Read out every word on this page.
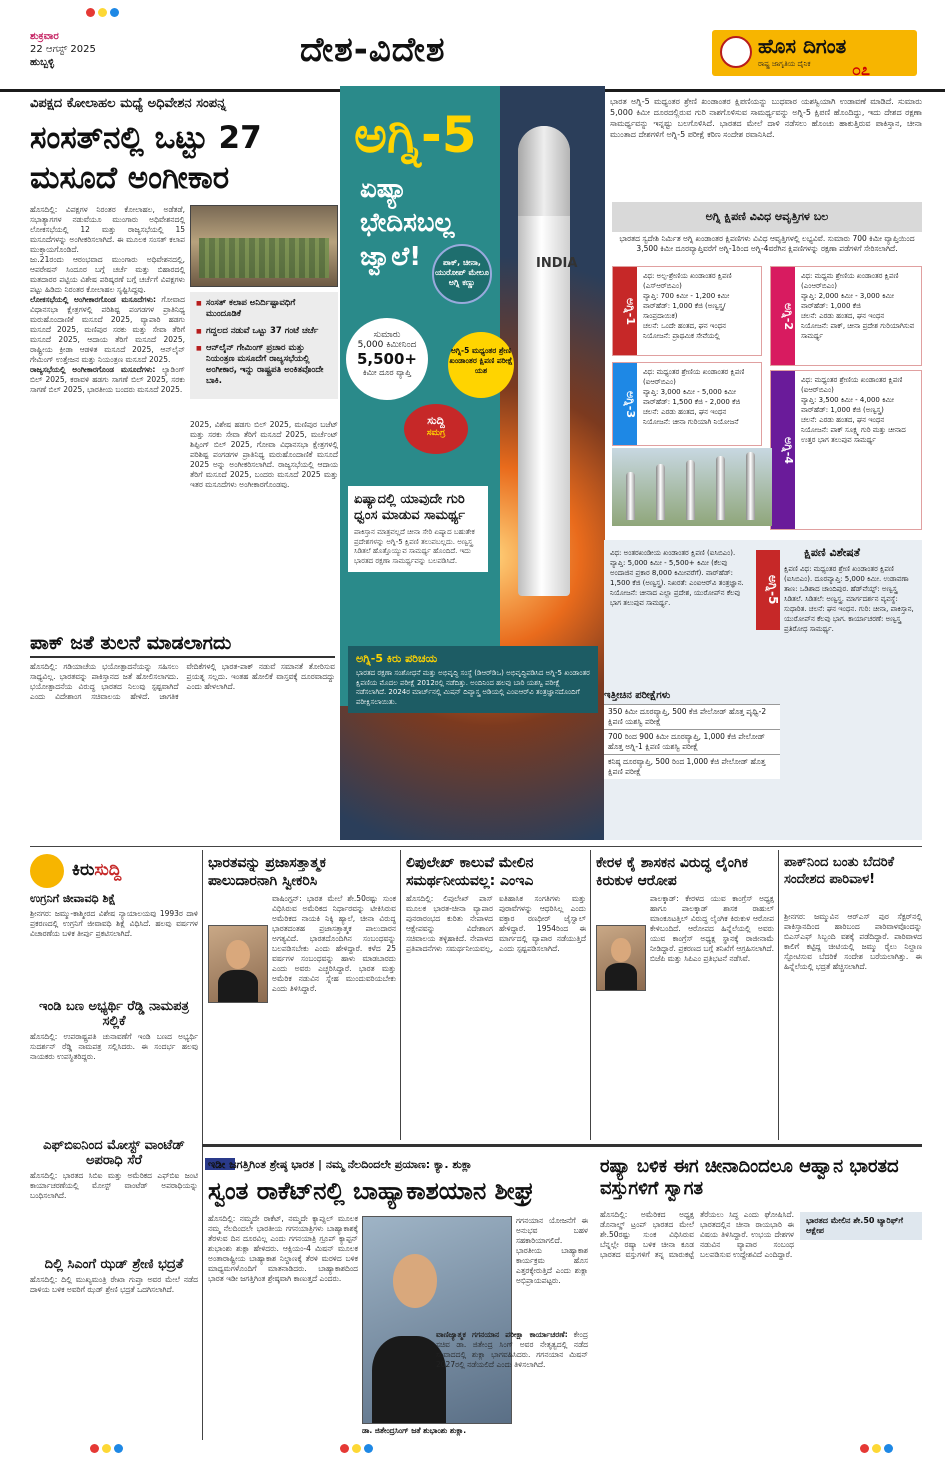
ಶುಕ್ರವಾರ
22 ಆಗಸ್ಟ್ 2025
ಹುಬ್ಬಳ್ಳಿ	ದೇಶ-ವಿದೇಶ	ಹೊಸ ದಿಗಂತ
ರಾಷ್ಟ್ರ ಜಾಗೃತಿಯ ದೈನಿಕ	೦೭
ವಿಪಕ್ಷದ ಕೋಲಾಹಲ ಮಧ್ಯೆ ಅಧಿವೇಶನ ಸಂಪನ್ನ
ಸಂಸತ್‌ನಲ್ಲಿ ಒಟ್ಟು 27 ಮಸೂದೆ ಅಂಗೀಕಾರ
ಹೊಸದಿಲ್ಲಿ: ವಿಪಕ್ಷಗಳ ನಿರಂತರ ಕೋಲಾಹಲ, ಅಡೆತಡೆ, ಸಭಾತ್ಯಾಗಗಳ ನಡುವೆಯೂ ಮುಂಗಾರು ಅಧಿವೇಶನದಲ್ಲಿ ಲೋಕಸಭೆಯಲ್ಲಿ 12 ಮತ್ತು ರಾಜ್ಯಸಭೆಯಲ್ಲಿ 15 ಮಸೂದೆಗಳನ್ನು ಅಂಗೀಕರಿಸಲಾಗಿದೆ. ಈ ಮೂಲಕ ಸಂಸತ್ ಕಲಾಪ ಮುಕ್ತಾಯಗೊಂಡಿದೆ.
ಜು.21ರಂದು ಆರಂಭವಾದ ಮುಂಗಾರು ಅಧಿವೇಶನದಲ್ಲಿ, ಆಪರೇಷನ್ ಸಿಂದೂರ ಬಗ್ಗೆ ಚರ್ಚೆ ಮತ್ತು ಬಿಹಾರದಲ್ಲಿ ಮತದಾರರ ಪಟ್ಟಿಯ ವಿಶೇಷ ಪರಿಷ್ಕರಣೆ ಬಗ್ಗೆ ಚರ್ಚೆಗೆ ವಿಪಕ್ಷಗಳು ಪಟ್ಟು ಹಿಡಿದು ನಿರಂತರ ಕೋಲಾಹಲ ಸೃಷ್ಟಿಸಿದ್ದವು.
ಲೋಕಸಭೆಯಲ್ಲಿ ಅಂಗೀಕಾರಗೊಂಡ ಮಸೂದೆಗಳು: ಗೋವಾದ ವಿಧಾನಸಭಾ ಕ್ಷೇತ್ರಗಳಲ್ಲಿ ಪರಿಶಿಷ್ಟ ಪಂಗಡಗಳ ಪ್ರಾತಿನಿಧ್ಯ ಮರುಹೊಂದಾಣಿಕೆ ಮಸೂದೆ 2025, ವ್ಯಾಪಾರಿ ಹಡಗು ಮಸೂದೆ 2025, ಮಣಿಪುರ ಸರಕು ಮತ್ತು ಸೇವಾ ತೆರಿಗೆ ಮಸೂದೆ 2025, ಆದಾಯ ತೆರಿಗೆ ಮಸೂದೆ 2025, ರಾಷ್ಟ್ರೀಯ ಕ್ರೀಡಾ ಆಡಳಿತ ಮಸೂದೆ 2025, ಆನ್‌ಲೈನ್ ಗೇಮಿಂಗ್ ಉತ್ತೇಜನ ಮತ್ತು ನಿಯಂತ್ರಣ ಮಸೂದೆ 2025.
ರಾಜ್ಯಸಭೆಯಲ್ಲಿ ಅಂಗೀಕಾರಗೊಂಡ ಮಸೂದೆಗಳು: ಲ್ಯಾಡಿಂಗ್ ಬಿಲ್ 2025, ಕರಾವಳಿ ಹಡಗು ಸಾಗಣೆ ಬಿಲ್ 2025, ಸರಕು ಸಾಗಣೆ ಬಿಲ್ 2025, ಭಾರತೀಯ ಬಂದರು ಮಸೂದೆ 2025.
■ ಸಂಸತ್ ಕಲಾಪ ಅನಿರ್ದಿಷ್ಟಾವಧಿಗೆ ಮುಂದೂಡಿಕೆ
■ ಗದ್ದಲದ ನಡುವೆ ಒಟ್ಟು 37 ಗಂಟೆ ಚರ್ಚೆ
■ ಆನ್‌ಲೈನ್ ಗೇಮಿಂಗ್ ಪ್ರಚಾರ ಮತ್ತು ನಿಯಂತ್ರಣ ಮಸೂದೆಗೆ ರಾಜ್ಯಸಭೆಯಲ್ಲಿ ಅಂಗೀಕಾರ, ಇನ್ನು ರಾಷ್ಟ್ರಪತಿ ಅಂಕಿತವೊಂದೇ ಬಾಕಿ.
2025, ವಿಶೇಷ ಹಡಗು ಬಿಲ್ 2025, ಮಣಿಪುರ ಬಜೆಟ್ ಮತ್ತು ಸರಕು ಸೇವಾ ತೆರಿಗೆ ಮಸೂದೆ 2025, ಮರ್ಚೆಂಟ್ ಶಿಪ್ಪಿಂಗ್ ಬಿಲ್ 2025, ಗೋವಾ ವಿಧಾನಸಭಾ ಕ್ಷೇತ್ರಗಳಲ್ಲಿ ಪರಿಶಿಷ್ಟ ಪಂಗಡಗಳ ಪ್ರಾತಿನಿಧ್ಯ ಮರುಹೊಂದಾಣಿಕೆ ಮಸೂದೆ 2025 ಅನ್ನು ಅಂಗೀಕರಿಸಲಾಗಿದೆ. ರಾಜ್ಯಸಭೆಯಲ್ಲಿ ಆದಾಯ ತೆರಿಗೆ ಮಸೂದೆ 2025, ಬಂದರು ಮಸೂದೆ 2025 ಮತ್ತು ಇತರ ಮಸೂದೆಗಳು ಅಂಗೀಕಾರಗೊಂಡವು.
ಪಾಕ್ ಜತೆ ತುಲನೆ ಮಾಡಲಾಗದು
ಹೊಸದಿಲ್ಲಿ: ಗಡಿಯಾಚೆಯ ಭಯೋತ್ಪಾದನೆಯನ್ನು ಸಹಿಸಲು ಸಾಧ್ಯವಿಲ್ಲ. ಭಾರತವನ್ನು ಪಾಕಿಸ್ತಾನದ ಜತೆ ಹೋಲಿಸಲಾಗದು. ಭಯೋತ್ಪಾದನೆಯ ವಿರುದ್ಧ ಭಾರತದ ನಿಲುವು ಸ್ಪಷ್ಟವಾಗಿದೆ ಎಂದು ವಿದೇಶಾಂಗ ಸಚಿವಾಲಯ ಹೇಳಿದೆ. ಜಾಗತಿಕ ವೇದಿಕೆಗಳಲ್ಲಿ ಭಾರತ-ಪಾಕ್ ನಡುವೆ ಸಮಾನತೆ ತೋರಿಸುವ ಪ್ರಯತ್ನ ಸಲ್ಲದು. ಇಂತಹ ಹೋಲಿಕೆ ವಾಸ್ತವಕ್ಕೆ ದೂರವಾದದ್ದು ಎಂದು ಹೇಳಲಾಗಿದೆ.
INDIA
ಅಗ್ನಿ-5
ಏಷ್ಯಾ ಭೇದಿಸಬಲ್ಲ ಜ್ವಾಲೆ!	ಪಾಕ್, ಚೀನಾ, ಯುರೋಪ್ ಮೇಲೂ ಅಗ್ನಿ ಕಣ್ಣು
ಸುಮಾರು
5,000 ಕಿಮೀನಿಂದ
5,500+
ಕಿಮೀ ದೂರ ವ್ಯಾಪ್ತಿ
ಅಗ್ನಿ-5 ಮಧ್ಯಂತರ ಶ್ರೇಣಿ ಖಂಡಾಂತರ ಕ್ಷಿಪಣಿ ಪರೀಕ್ಷೆ ಯಶ
ಸುದ್ದಿ
ಸಮಗ್ರ
ಏಷ್ಯಾದಲ್ಲಿ ಯಾವುದೇ ಗುರಿ ಧ್ವಂಸ ಮಾಡುವ ಸಾಮರ್ಥ್ಯ
ಪಾಕಿಸ್ತಾನ ಮಾತ್ರವಲ್ಲದೆ ಚೀನಾ ಸೇರಿ ಏಷ್ಯಾದ ಬಹುತೇಕ ಪ್ರದೇಶಗಳನ್ನು ಅಗ್ನಿ-5 ಕ್ಷಿಪಣಿ ತಲುಪಬಲ್ಲದು. ಅಣ್ವಸ್ತ್ರ ಸಿಡಿತಲೆ ಹೊತ್ತೊಯ್ಯುವ ಸಾಮರ್ಥ್ಯ ಹೊಂದಿದೆ. ಇದು ಭಾರತದ ರಕ್ಷಣಾ ಸಾಮರ್ಥ್ಯವನ್ನು ಬಲಪಡಿಸಿದೆ.
ಅಗ್ನಿ-5 ಕಿರು ಪರಿಚಯ
ಭಾರತದ ರಕ್ಷಣಾ ಸಂಶೋಧನೆ ಮತ್ತು ಅಭಿವೃದ್ಧಿ ಸಂಸ್ಥೆ (ಡಿಆರ್‌ಡಿಒ) ಅಭಿವೃದ್ಧಿಪಡಿಸಿದ ಅಗ್ನಿ-5 ಖಂಡಾಂತರ ಕ್ಷಿಪಣಿಯ ಮೊದಲ ಪರೀಕ್ಷೆ 2012ರಲ್ಲಿ ನಡೆದಿತ್ತು. ಅಂದಿನಿಂದ ಹಲವು ಬಾರಿ ಯಶಸ್ವಿ ಪರೀಕ್ಷೆ ನಡೆಸಲಾಗಿದೆ. 2024ರ ಮಾರ್ಚ್‌ನಲ್ಲಿ ಮಿಷನ್ ದಿವ್ಯಾಸ್ತ್ರ ಅಡಿಯಲ್ಲಿ ಎಂಐಆರ್‌ವಿ ತಂತ್ರಜ್ಞಾನದೊಂದಿಗೆ ಪರೀಕ್ಷಿಸಲಾಯಿತು.
ಭಾರತ ಅಗ್ನಿ-5 ಮಧ್ಯಂತರ ಶ್ರೇಣಿ ಖಂಡಾಂತರ ಕ್ಷಿಪಣಿಯನ್ನು ಬುಧವಾರ ಯಶಸ್ವಿಯಾಗಿ ಉಡಾವಣೆ ಮಾಡಿದೆ. ಸುಮಾರು 5,000 ಕಿಮೀ ದೂರದಲ್ಲಿರುವ ಗುರಿ ನಾಶಗೊಳಿಸುವ ಸಾಮರ್ಥ್ಯವನ್ನು ಅಗ್ನಿ-5 ಕ್ಷಿಪಣಿ ಹೊಂದಿದ್ದು, ಇದು ದೇಶದ ರಕ್ಷಣಾ ಸಾಮರ್ಥ್ಯವನ್ನು ಇನ್ನಷ್ಟು ಬಲಗೊಳಿಸಿದೆ. ಭಾರತದ ಮೇಲೆ ದಾಳಿ ನಡೆಸಲು ಹೊಂಚು ಹಾಕುತ್ತಿರುವ ಪಾಕಿಸ್ತಾನ, ಚೀನಾ ಮುಂತಾದ ದೇಶಗಳಿಗೆ ಅಗ್ನಿ-5 ಪರೀಕ್ಷೆ ಕಠಿಣ ಸಂದೇಶ ರವಾನಿಸಿದೆ.
ಅಗ್ನಿ ಕ್ಷಿಪಣಿ ವಿವಿಧ ಆವೃತ್ತಿಗಳ ಬಲ
ಭಾರತದ ಸ್ವದೇಶಿ ನಿರ್ಮಿತ ಅಗ್ನಿ ಖಂಡಾಂತರ ಕ್ಷಿಪಣಿಗಳು ವಿವಿಧ ಆವೃತ್ತಿಗಳಲ್ಲಿ ಲಭ್ಯವಿವೆ. ಸುಮಾರು 700 ಕಿಮೀ ವ್ಯಾಪ್ತಿಯಿಂದ 3,500 ಕಿಮೀ ದೂರವ್ಯಾಪ್ತಿವರೆಗೆ ಅಗ್ನಿ-1ರಿಂದ ಅಗ್ನಿ-4ವರೆಗಿನ ಕ್ಷಿಪಣಿಗಳನ್ನು ರಕ್ಷಣಾ ಪಡೆಗಳಿಗೆ ಸೇರಿಸಲಾಗಿದೆ.
ಅಗ್ನಿ-1
ವಿಧ: ಅಲ್ಪ-ಶ್ರೇಣಿಯ ಖಂಡಾಂತರ ಕ್ಷಿಪಣಿ (ಎಸ್‌ಆರ್‌ಬಿಎಂ)
ವ್ಯಾಪ್ತಿ: 700 ಕಿಮೀ - 1,200 ಕಿಮೀ
ವಾರ್‌ಹೆಡ್: 1,000 ಕೆಜಿ (ಅಣ್ವಸ್ತ್ರ/ಸಾಂಪ್ರದಾಯಿಕ)
ಚಲನೆ: ಒಂದೇ ಹಂತದ, ಘನ ಇಂಧನ
ನಿಯೋಜನೆ: ಪ್ರಾಥಮಿಕ ಸೇವೆಯಲ್ಲಿ
ಅಗ್ನಿ-2
ವಿಧ: ಮಧ್ಯಮ ಶ್ರೇಣಿಯ ಖಂಡಾಂತರ ಕ್ಷಿಪಣಿ (ಎಂಆರ್‌ಬಿಎಂ)
ವ್ಯಾಪ್ತಿ: 2,000 ಕಿಮೀ - 3,000 ಕಿಮೀ
ವಾರ್‌ಹೆಡ್: 1,000 ಕೆಜಿ
ಚಲನೆ: ಎರಡು ಹಂತದ, ಘನ ಇಂಧನ
ನಿಯೋಜನೆ: ಪಾಕ್, ಚೀನಾ ಪ್ರದೇಶ ಗುರಿಯಾಗಿಸುವ ಸಾಮರ್ಥ್ಯ
ಅಗ್ನಿ-3
ವಿಧ: ಮಧ್ಯಂತರ ಶ್ರೇಣಿಯ ಖಂಡಾಂತರ ಕ್ಷಿಪಣಿ (ಐಆರ್‌ಬಿಎಂ)
ವ್ಯಾಪ್ತಿ: 3,000 ಕಿಮೀ - 5,000 ಕಿಮೀ
ವಾರ್‌ಹೆಡ್: 1,500 ಕೆಜಿ - 2,000 ಕೆಜಿ
ಚಲನೆ: ಎರಡು ಹಂತದ, ಘನ ಇಂಧನ
ನಿಯೋಜನೆ: ಚೀನಾ ಗುರಿಯಾಗಿ ನಿಯೋಜನೆ
ಅಗ್ನಿ-4
ವಿಧ: ಮಧ್ಯಂತರ ಶ್ರೇಣಿಯ ಖಂಡಾಂತರ ಕ್ಷಿಪಣಿ (ಐಆರ್‌ಬಿಎಂ)
ವ್ಯಾಪ್ತಿ: 3,500 ಕಿಮೀ - 4,000 ಕಿಮೀ
ವಾರ್‌ಹೆಡ್: 1,000 ಕೆಜಿ (ಅಣ್ವಸ್ತ್ರ)
ಚಲನೆ: ಎರಡು ಹಂತದ, ಘನ ಇಂಧನ
ನಿಯೋಜನೆ: ಪಾಕ್ ಸೂಕ್ಷ್ಮ ಗುರಿ ಮತ್ತು ಚೀನಾದ ಉತ್ತರ ಭಾಗ ತಲುಪುವ ಸಾಮರ್ಥ್ಯ
ವಿಧ: ಅಂತರಖಂಡೀಯ ಖಂಡಾಂತರ ಕ್ಷಿಪಣಿ (ಐಸಿಬಿಎಂ). ವ್ಯಾಪ್ತಿ: 5,000 ಕಿಮೀ - 5,500+ ಕಿಮೀ (ಕೆಲವು ಅಂದಾಜಿನ ಪ್ರಕಾರ 8,000 ಕಿಮೀವರೆಗೆ). ವಾರ್‌ಹೆಡ್: 1,500 ಕೆಜಿ (ಅಣ್ವಸ್ತ್ರ). ನಿಖರತೆ: ಎಂಐಆರ್‌ವಿ ತಂತ್ರಜ್ಞಾನ. ನಿಯೋಜನೆ: ಚೀನಾದ ಎಲ್ಲಾ ಪ್ರದೇಶ, ಯುರೋಪ್‌ನ ಕೆಲವು ಭಾಗ ತಲುಪುವ ಸಾಮರ್ಥ್ಯ.	ಅಗ್ನಿ-5
ಕ್ಷಿಪಣಿ ವಿಶೇಷತೆ
ಕ್ಷಿಪಣಿ ವಿಧ: ಮಧ್ಯಂತರ ಶ್ರೇಣಿ ಖಂಡಾಂತರ ಕ್ಷಿಪಣಿ (ಐಸಿಬಿಎಂ). ದೂರವ್ಯಾಪ್ತಿ: 5,000 ಕಿಮೀ. ಉಡಾವಣಾ ತಾಣ: ಒಡಿಶಾದ ಚಾಂದಿಪುರ. ಹೆಡ್‌ವೆಯ್ಟ್: ಅಣ್ವಸ್ತ್ರ ಸಿಡಿತಲೆ. ಸಿಡಿತಲೆ: ಅಣ್ವಸ್ತ್ರ. ಮಾರ್ಗದರ್ಶನ ವ್ಯವಸ್ಥೆ: ಸುಧಾರಿತ. ಚಲನೆ: ಘನ ಇಂಧನ. ಗುರಿ: ಚೀನಾ, ಪಾಕಿಸ್ತಾನ, ಯುರೋಪ್‌ನ ಕೆಲವು ಭಾಗ. ಕಾರ್ಯಾಚರಣೆ: ಅಣ್ವಸ್ತ್ರ ಪ್ರತಿರೋಧ ಸಾಮರ್ಥ್ಯ.
ಇತ್ತೀಚಿನ ಪರೀಕ್ಷೆಗಳು
350 ಕಿಮೀ ದೂರವ್ಯಾಪ್ತಿ, 500 ಕೆಜಿ ಪೇಲೋಡ್ ಹೊತ್ತ ಪೃಥ್ವಿ-2 ಕ್ಷಿಪಣಿ ಯಶಸ್ವಿ ಪರೀಕ್ಷೆ
700 ರಿಂದ 900 ಕಿಮೀ ದೂರವ್ಯಾಪ್ತಿ, 1,000 ಕೆಜಿ ಪೇಲೋಡ್ ಹೊತ್ತ ಅಗ್ನಿ-1 ಕ್ಷಿಪಣಿ ಯಶಸ್ವಿ ಪರೀಕ್ಷೆ
ಕನಿಷ್ಠ ದೂರವ್ಯಾಪ್ತಿ, 500 ರಿಂದ 1,000 ಕೆಜಿ ಪೇಲೋಡ್ ಹೊತ್ತ ಕ್ಷಿಪಣಿ ಪರೀಕ್ಷೆ
ಕಿರುಸುದ್ದಿ
ಉಗ್ರನಿಗೆ ಜೀವಾವಧಿ ಶಿಕ್ಷೆ
ಶ್ರೀನಗರ: ಜಮ್ಮು-ಕಾಶ್ಮೀರದ ವಿಶೇಷ ನ್ಯಾಯಾಲಯವು 1993ರ ದಾಳಿ ಪ್ರಕರಣದಲ್ಲಿ ಉಗ್ರನಿಗೆ ಜೀವಾವಧಿ ಶಿಕ್ಷೆ ವಿಧಿಸಿದೆ. ಹಲವು ವರ್ಷಗಳ ವಿಚಾರಣೆಯ ಬಳಿಕ ತೀರ್ಪು ಪ್ರಕಟಿಸಲಾಗಿದೆ.
ಇಂಡಿ ಬಣ ಅಭ್ಯರ್ಥಿ ರೆಡ್ಡಿ ನಾಮಪತ್ರ ಸಲ್ಲಿಕೆ
ಹೊಸದಿಲ್ಲಿ: ಉಪರಾಷ್ಟ್ರಪತಿ ಚುನಾವಣೆಗೆ ಇಂಡಿ ಬಣದ ಅಭ್ಯರ್ಥಿ ಸುದರ್ಶನ್ ರೆಡ್ಡಿ ನಾಮಪತ್ರ ಸಲ್ಲಿಸಿದರು. ಈ ಸಂದರ್ಭ ಹಲವು ನಾಯಕರು ಉಪಸ್ಥಿತರಿದ್ದರು.
ಎಫ್‌ಬಿಐನಿಂದ ಮೋಸ್ಟ್ ವಾಂಟೆಡ್ ಅಪರಾಧಿ ಸೆರೆ
ಹೊಸದಿಲ್ಲಿ: ಭಾರತದ ಸಿಬಿಐ ಮತ್ತು ಅಮೆರಿಕದ ಎಫ್‌ಬಿಐ ಜಂಟಿ ಕಾರ್ಯಾಚರಣೆಯಲ್ಲಿ ಮೋಸ್ಟ್ ವಾಂಟೆಡ್ ಅಪರಾಧಿಯನ್ನು ಬಂಧಿಸಲಾಗಿದೆ.
ದಿಲ್ಲಿ ಸಿಎಂಗೆ ಝಡ್ ಶ್ರೇಣಿ ಭದ್ರತೆ
ಹೊಸದಿಲ್ಲಿ: ದಿಲ್ಲಿ ಮುಖ್ಯಮಂತ್ರಿ ರೇಖಾ ಗುಪ್ತಾ ಅವರ ಮೇಲೆ ನಡೆದ ದಾಳಿಯ ಬಳಿಕ ಅವರಿಗೆ ಝಡ್ ಶ್ರೇಣಿ ಭದ್ರತೆ ಒದಗಿಸಲಾಗಿದೆ.
ಭಾರತವನ್ನು ಪ್ರಜಾಸತ್ತಾತ್ಮಕ ಪಾಲುದಾರನಾಗಿ ಸ್ವೀಕರಿಸಿ
ವಾಷಿಂಗ್ಟನ್: ಭಾರತ ಮೇಲೆ ಶೇ.50ರಷ್ಟು ಸುಂಕ ವಿಧಿಸಿರುವ ಅಮೆರಿಕದ ನಿರ್ಧಾರವನ್ನು ಟೀಕಿಸಿರುವ ಅಮೆರಿಕದ ನಾಯಕಿ ನಿಕ್ಕಿ ಹ್ಯಾಲೆ, ಚೀನಾ ವಿರುದ್ಧ ಭಾರತದಂತಹ ಪ್ರಜಾಸತ್ತಾತ್ಮಕ ಪಾಲುದಾರನ ಅಗತ್ಯವಿದೆ. ಭಾರತದೊಂದಿಗಿನ ಸಂಬಂಧವನ್ನು ಬಲಪಡಿಸಬೇಕು ಎಂದು ಹೇಳಿದ್ದಾರೆ. ಕಳೆದ 25 ವರ್ಷಗಳ ಸಂಬಂಧವನ್ನು ಹಾಳು ಮಾಡಬಾರದು ಎಂದು ಅವರು ಎಚ್ಚರಿಸಿದ್ದಾರೆ. ಭಾರತ ಮತ್ತು ಅಮೆರಿಕ ನಡುವಿನ ಸ್ನೇಹ ಮುಂದುವರಿಯಬೇಕು ಎಂದು ತಿಳಿಸಿದ್ದಾರೆ.
ಲಿಪುಲೇಖ್ ಕಾಲುವೆ ಮೇಲಿನ ಸಮರ್ಥನೀಯವಲ್ಲ: ಎಂಇಎ
ಹೊಸದಿಲ್ಲಿ: ಲಿಪುಲೇಖ್ ಪಾಸ್ ಮೂಲಕ ಭಾರತ-ಚೀನಾ ವ್ಯಾಪಾರ ಪುನರಾರಂಭದ ಕುರಿತು ನೇಪಾಳದ ಆಕ್ಷೇಪವನ್ನು ವಿದೇಶಾಂಗ ಸಚಿವಾಲಯ ತಳ್ಳಿಹಾಕಿದೆ. ನೇಪಾಳದ ಪ್ರತಿಪಾದನೆಗಳು ಸಮರ್ಥನೀಯವಲ್ಲ, ಐತಿಹಾಸಿಕ ಸಂಗತಿಗಳು ಮತ್ತು ಪುರಾವೆಗಳನ್ನು ಆಧರಿಸಿಲ್ಲ ಎಂದು ವಕ್ತಾರ ರಣಧೀರ್ ಜೈಸ್ವಾಲ್ ಹೇಳಿದ್ದಾರೆ. 1954ರಿಂದ ಈ ಮಾರ್ಗದಲ್ಲಿ ವ್ಯಾಪಾರ ನಡೆಯುತ್ತಿದೆ ಎಂದು ಸ್ಪಷ್ಟಪಡಿಸಲಾಗಿದೆ.
ಕೇರಳ ಕೈ ಶಾಸಕನ ವಿರುದ್ಧ ಲೈಂಗಿಕ ಕಿರುಕುಳ ಆರೋಪ
ಪಾಲಕ್ಕಾಡ್: ಕೇರಳದ ಯುವ ಕಾಂಗ್ರೆಸ್ ಅಧ್ಯಕ್ಷ ಹಾಗೂ ಪಾಲಕ್ಕಾಡ್ ಶಾಸಕ ರಾಹುಲ್ ಮಾಂಕೂಟತ್ತಿಲ್ ವಿರುದ್ಧ ಲೈಂಗಿಕ ಕಿರುಕುಳ ಆರೋಪ ಕೇಳಿಬಂದಿದೆ. ಆರೋಪದ ಹಿನ್ನೆಲೆಯಲ್ಲಿ ಅವರು ಯುವ ಕಾಂಗ್ರೆಸ್ ಅಧ್ಯಕ್ಷ ಸ್ಥಾನಕ್ಕೆ ರಾಜೀನಾಮೆ ನೀಡಿದ್ದಾರೆ. ಪ್ರಕರಣದ ಬಗ್ಗೆ ತನಿಖೆಗೆ ಆಗ್ರಹಿಸಲಾಗಿದೆ. ಬಿಜೆಪಿ ಮತ್ತು ಸಿಪಿಎಂ ಪ್ರತಿಭಟನೆ ನಡೆಸಿವೆ.
ಪಾಕ್‌ನಿಂದ ಬಂತು ಬೆದರಿಕೆ ಸಂದೇಶದ ಪಾರಿವಾಳ!
ಶ್ರೀನಗರ: ಜಮ್ಮುವಿನ ಆರ್‌ಎಸ್ ಪುರ ಸೆಕ್ಟರ್‌ನಲ್ಲಿ ಪಾಕಿಸ್ತಾನದಿಂದ ಹಾರಿಬಂದ ಪಾರಿವಾಳವೊಂದನ್ನು ಬಿಎಸ್‌ಎಫ್ ಸಿಬ್ಬಂದಿ ವಶಕ್ಕೆ ಪಡೆದಿದ್ದಾರೆ. ಪಾರಿವಾಳದ ಕಾಲಿಗೆ ಕಟ್ಟಿದ್ದ ಚೀಟಿಯಲ್ಲಿ ಜಮ್ಮು ರೈಲು ನಿಲ್ದಾಣ ಸ್ಫೋಟಿಸುವ ಬೆದರಿಕೆ ಸಂದೇಶ ಬರೆಯಲಾಗಿತ್ತು. ಈ ಹಿನ್ನೆಲೆಯಲ್ಲಿ ಭದ್ರತೆ ಹೆಚ್ಚಿಸಲಾಗಿದೆ.
ಇಡೀ ಜಗತ್ತಿಗಿಂತ ಶ್ರೇಷ್ಠ ಭಾರತ | ನಮ್ಮ ನೆಲದಿಂದಲೇ ಪ್ರಯಾಣ: ಕ್ಯಾ. ಶುಕ್ಲಾ
ಸ್ವಂತ ರಾಕೆಟ್‌ನಲ್ಲಿ ಬಾಹ್ಯಾಕಾಶಯಾನ ಶೀಘ್ರ
ಹೊಸದಿಲ್ಲಿ: ನಮ್ಮದೇ ರಾಕೆಟ್, ನಮ್ಮದೇ ಕ್ಯಾಪ್ಸುಲ್ ಮೂಲಕ ನಮ್ಮ ನೆಲದಿಂದಲೇ ಭಾರತೀಯ ಗಗನಯಾತ್ರಿಗಳು ಬಾಹ್ಯಾಕಾಶಕ್ಕೆ ತೆರಳುವ ದಿನ ದೂರವಿಲ್ಲ ಎಂದು ಗಗನಯಾತ್ರಿ ಗ್ರೂಪ್ ಕ್ಯಾಪ್ಟನ್ ಶುಭಾಂಶು ಶುಕ್ಲಾ ಹೇಳಿದರು. ಆಕ್ಸಿಯಂ-4 ಮಿಷನ್ ಮೂಲಕ ಅಂತಾರಾಷ್ಟ್ರೀಯ ಬಾಹ್ಯಾಕಾಶ ನಿಲ್ದಾಣಕ್ಕೆ ತೆರಳಿ ಮರಳಿದ ಬಳಿಕ ಮಾಧ್ಯಮಗಳೊಂದಿಗೆ ಮಾತನಾಡಿದರು. ಬಾಹ್ಯಾಕಾಶದಿಂದ ಭಾರತ ಇಡೀ ಜಗತ್ತಿಗಿಂತ ಶ್ರೇಷ್ಠವಾಗಿ ಕಾಣುತ್ತದೆ ಎಂದರು.
ಡಾ. ಜಿತೇಂದ್ರಸಿಂಗ್ ಜತೆ ಶುಭಾಂಶು ಶುಕ್ಲಾ.
ಗಗನಯಾನ ಯೋಜನೆಗೆ ಈ ಅನುಭವ ಬಹಳ ಸಹಕಾರಿಯಾಗಲಿದೆ. ಭಾರತೀಯ ಬಾಹ್ಯಾಕಾಶ ಕಾರ್ಯಕ್ರಮ ಹೊಸ ಎತ್ತರಕ್ಕೇರುತ್ತಿದೆ ಎಂದು ಶುಕ್ಲಾ ಅಭಿಪ್ರಾಯಪಟ್ಟರು.
ವಾಣಿಜ್ಯಾತ್ಮಕ ಗಗನಯಾನ ಪರೀಕ್ಷಾ ಕಾರ್ಯಾಚರಣೆ: ಕೇಂದ್ರ ಸಚಿವ ಡಾ. ಜಿತೇಂದ್ರ ಸಿಂಗ್ ಅವರ ನೇತೃತ್ವದಲ್ಲಿ ನಡೆದ ಸಂವಾದದಲ್ಲಿ ಶುಕ್ಲಾ ಭಾಗವಹಿಸಿದರು. ಗಗನಯಾನ ಮಿಷನ್ 2027ರಲ್ಲಿ ನಡೆಯಲಿದೆ ಎಂದು ತಿಳಿಸಲಾಗಿದೆ.
ರಷ್ಯಾ ಬಳಿಕ ಈಗ ಚೀನಾದಿಂದಲೂ ಆಹ್ವಾನ ಭಾರತದ ವಸ್ತುಗಳಿಗೆ ಸ್ವಾಗತ
ಹೊಸದಿಲ್ಲಿ: ಅಮೆರಿಕದ ಅಧ್ಯಕ್ಷ ಡೊನಾಲ್ಡ್ ಟ್ರಂಪ್ ಭಾರತದ ಮೇಲೆ ಶೇ.50ರಷ್ಟು ಸುಂಕ ವಿಧಿಸಿರುವ ಬೆನ್ನಲ್ಲೇ ರಷ್ಯಾ ಬಳಿಕ ಚೀನಾ ಕೂಡ ಭಾರತದ ವಸ್ತುಗಳಿಗೆ ತನ್ನ ಮಾರುಕಟ್ಟೆ ತೆರೆಯಲು ಸಿದ್ಧ ಎಂದು ಘೋಷಿಸಿದೆ. ಭಾರತದಲ್ಲಿನ ಚೀನಾ ರಾಯಭಾರಿ ಈ ವಿಷಯ ತಿಳಿಸಿದ್ದಾರೆ. ಉಭಯ ದೇಶಗಳ ನಡುವಿನ ವ್ಯಾಪಾರ ಸಂಬಂಧ ಬಲಪಡಿಸುವ ಉದ್ದೇಶವಿದೆ ಎಂದಿದ್ದಾರೆ.
ಭಾರತದ ಮೇಲಿನ ಶೇ.50 ಟ್ಯಾರಿಫ್‌ಗೆ ಆಕ್ಷೇಪ
